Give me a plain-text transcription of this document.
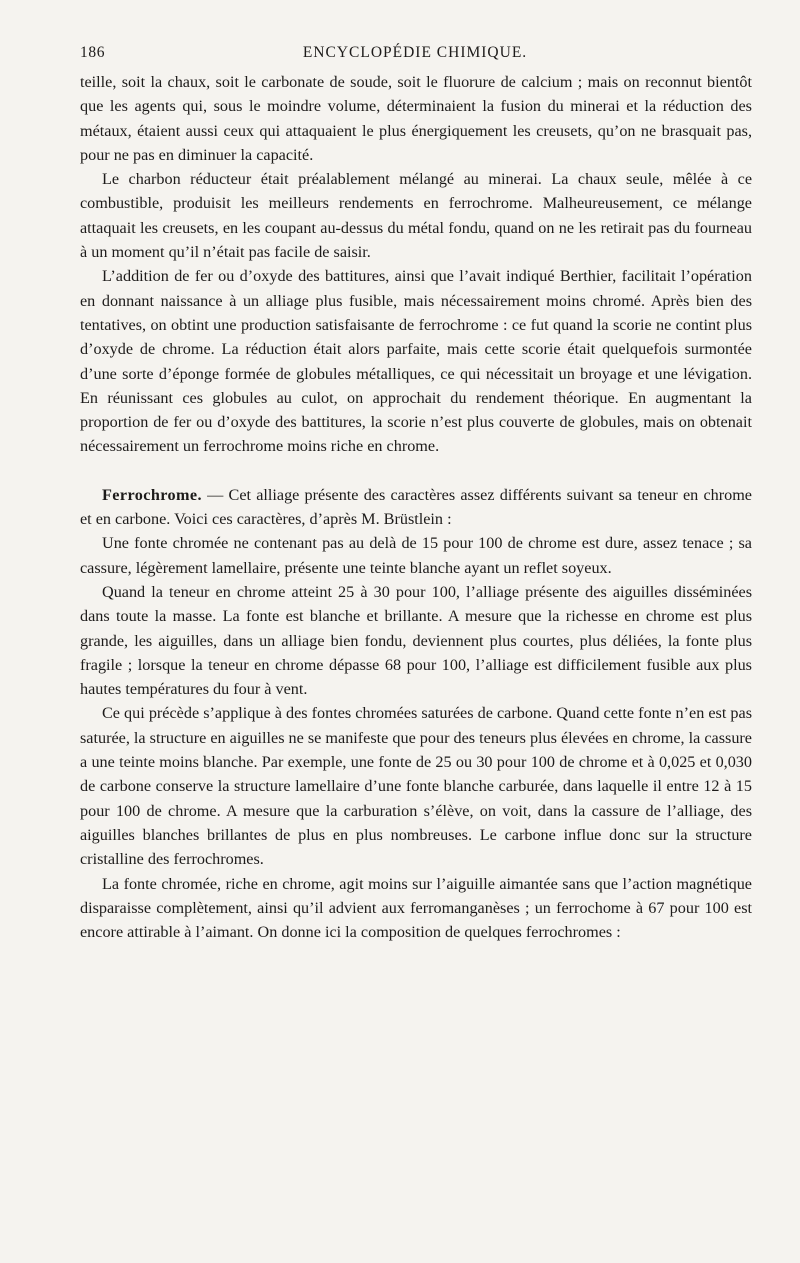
186	ENCYCLOPÉDIE CHIMIQUE.

teille, soit la chaux, soit le carbonate de soude, soit le fluorure de calcium ; mais on reconnut bientôt que les agents qui, sous le moindre volume, déterminaient la fusion du minerai et la réduction des métaux, étaient aussi ceux qui attaquaient le plus énergiquement les creusets, qu’on ne brasquait pas, pour ne pas en diminuer la capacité.

Le charbon réducteur était préalablement mélangé au minerai. La chaux seule, mêlée à ce combustible, produisit les meilleurs rendements en ferrochrome. Malheureusement, ce mélange attaquait les creusets, en les coupant au-dessus du métal fondu, quand on ne les retirait pas du fourneau à un moment qu’il n’était pas facile de saisir.

L’addition de fer ou d’oxyde des battitures, ainsi que l’avait indiqué Berthier, facilitait l’opération en donnant naissance à un alliage plus fusible, mais nécessairement moins chromé. Après bien des tentatives, on obtint une production satisfaisante de ferrochrome : ce fut quand la scorie ne contint plus d’oxyde de chrome. La réduction était alors parfaite, mais cette scorie était quelquefois surmontée d’une sorte d’éponge formée de globules métalliques, ce qui nécessitait un broyage et une lévigation. En réunissant ces globules au culot, on approchait du rendement théorique. En augmentant la proportion de fer ou d’oxyde des battitures, la scorie n’est plus couverte de globules, mais on obtenait nécessairement un ferrochrome moins riche en chrome.

Ferrochrome. — Cet alliage présente des caractères assez différents suivant sa teneur en chrome et en carbone. Voici ces caractères, d’après M. Brüstlein :

Une fonte chromée ne contenant pas au delà de 15 pour 100 de chrome est dure, assez tenace ; sa cassure, légèrement lamellaire, présente une teinte blanche ayant un reflet soyeux.

Quand la teneur en chrome atteint 25 à 30 pour 100, l’alliage présente des aiguilles disséminées dans toute la masse. La fonte est blanche et brillante. A mesure que la richesse en chrome est plus grande, les aiguilles, dans un alliage bien fondu, deviennent plus courtes, plus déliées, la fonte plus fragile ; lorsque la teneur en chrome dépasse 68 pour 100, l’alliage est difficilement fusible aux plus hautes températures du four à vent.

Ce qui précède s’applique à des fontes chromées saturées de carbone. Quand cette fonte n’en est pas saturée, la structure en aiguilles ne se manifeste que pour des teneurs plus élevées en chrome, la cassure a une teinte moins blanche. Par exemple, une fonte de 25 ou 30 pour 100 de chrome et à 0,025 et 0,030 de carbone conserve la structure lamellaire d’une fonte blanche carburée, dans laquelle il entre 12 à 15 pour 100 de chrome. A mesure que la carburation s’élève, on voit, dans la cassure de l’alliage, des aiguilles blanches brillantes de plus en plus nombreuses. Le carbone influe donc sur la structure cristalline des ferrochromes.

La fonte chromée, riche en chrome, agit moins sur l’aiguille aimantée sans que l’action magnétique disparaisse complètement, ainsi qu’il advient aux ferromanganèses ; un ferrochome à 67 pour 100 est encore attirable à l’aimant. On donne ici la composition de quelques ferrochromes :
